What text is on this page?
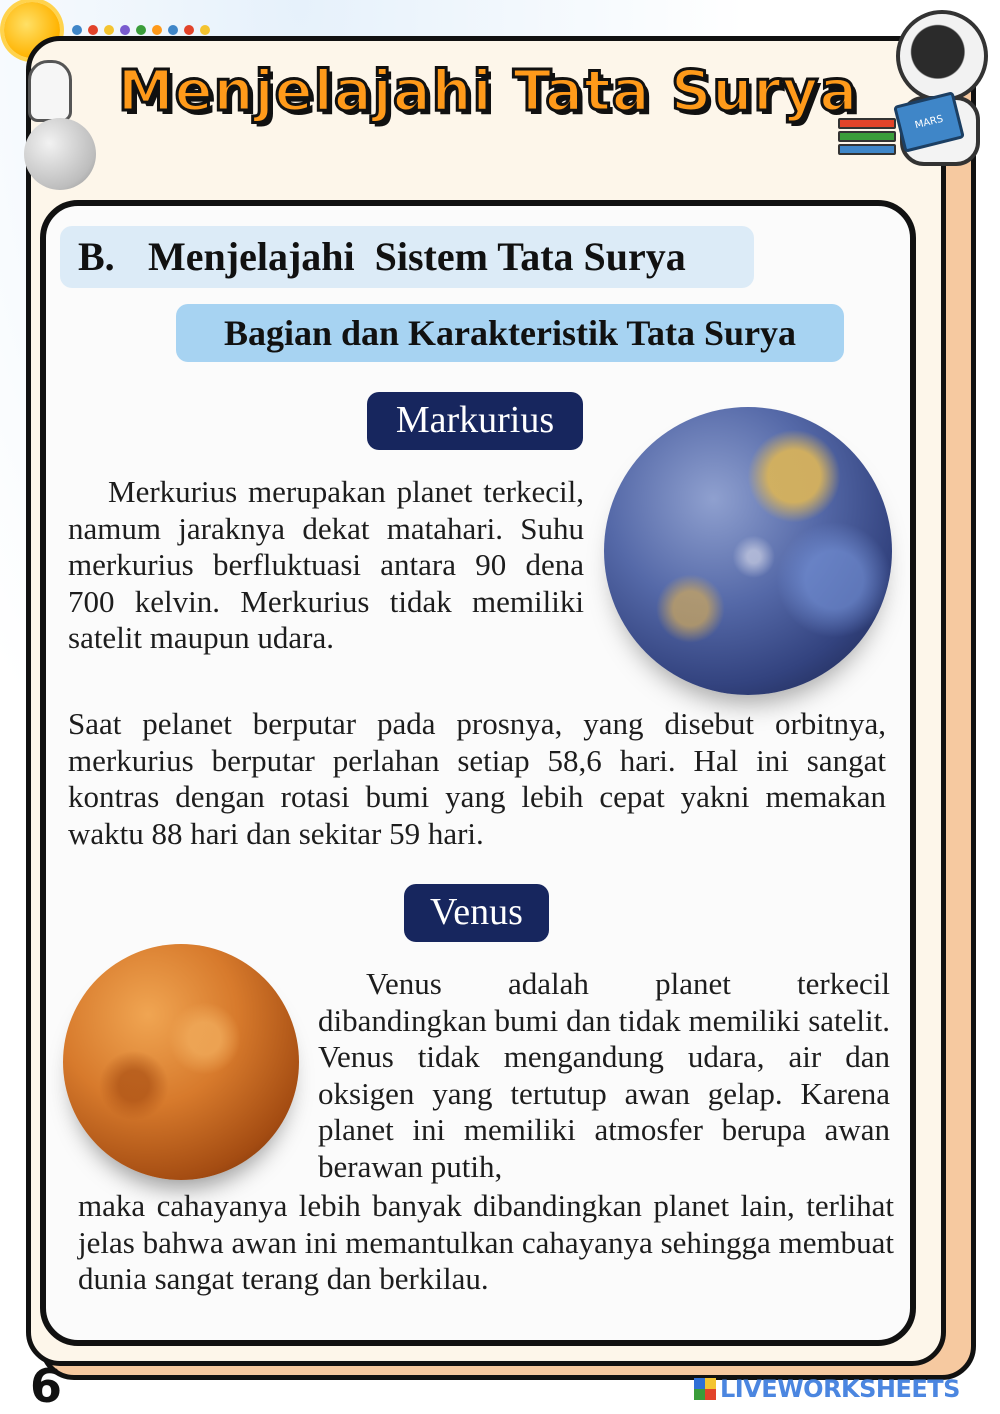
MARS
Menjelajahi Tata Surya
B. Menjelajahi  Sistem Tata Surya
Bagian dan Karakteristik Tata Surya
Markurius

Merkurius merupakan planet terkecil, namum jaraknya dekat matahari. Suhu merkurius berfluktuasi antara 90 dena 700 kelvin. Merkurius tidak memiliki satelit maupun udara.

Saat pelanet berputar pada prosnya, yang disebut orbitnya, merkurius berputar perlahan setiap 58,6 hari. Hal ini sangat kontras dengan rotasi bumi yang lebih cepat yakni memakan waktu 88 hari dan sekitar 59 hari.

Venus

Venus adalah planet terkecil dibandingkan bumi dan tidak memiliki satelit. Venus tidak mengandung udara, air dan oksigen yang tertutup awan gelap. Karena planet ini memiliki atmosfer berupa awan berawan putih,

maka cahayanya lebih banyak dibandingkan planet lain, terlihat jelas bahwa awan ini memantulkan cahayanya sehingga membuat dunia sangat terang dan berkilau.

6	LIVEWORKSHEETS
